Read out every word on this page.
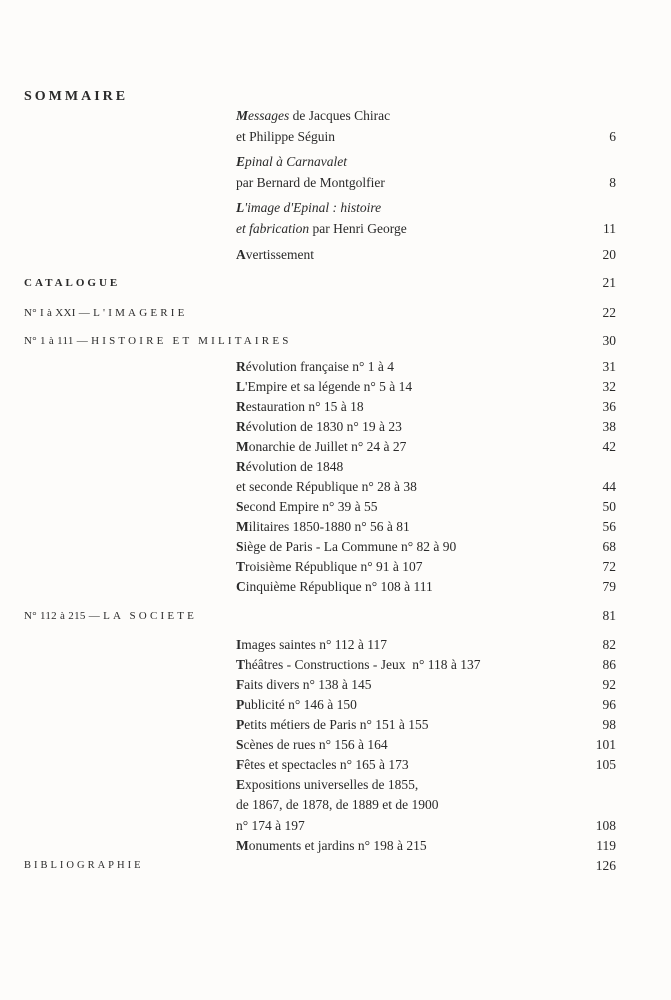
SOMMAIRE
Messages de Jacques Chirac
et Philippe Séguin	6
Epinal à Carnavalet
par Bernard de Montgolfier	8
L'image d'Epinal : histoire
et fabrication par Henri George	11
Avertissement	20
CATALOGUE	21
N° I à XXI — L'IMAGERIE	22
N° 1 à 111 — HISTOIRE ET MILITAIRES	30
Révolution française n° 1 à 4	31
L'Empire et sa légende n° 5 à 14	32
Restauration n° 15 à 18	36
Révolution de 1830 n° 19 à 23	38
Monarchie de Juillet n° 24 à 27	42
Révolution de 1848
et seconde République n° 28 à 38	44
Second Empire n° 39 à 55	50
Militaires 1850-1880 n° 56 à 81	56
Siège de Paris - La Commune n° 82 à 90	68
Troisième République n° 91 à 107	72
Cinquième République n° 108 à 111	79
N° 112 à 215 — LA SOCIETE	81
Images saintes n° 112 à 117	82
Théâtres - Constructions - Jeux  n° 118 à 137	86
Faits divers n° 138 à 145	92
Publicité n° 146 à 150	96
Petits métiers de Paris n° 151 à 155	98
Scènes de rues n° 156 à 164	101
Fêtes et spectacles n° 165 à 173	105
Expositions universelles de 1855,
de 1867, de 1878, de 1889 et de 1900
n° 174 à 197	108
Monuments et jardins n° 198 à 215	119
BIBLIOGRAPHIE	126
